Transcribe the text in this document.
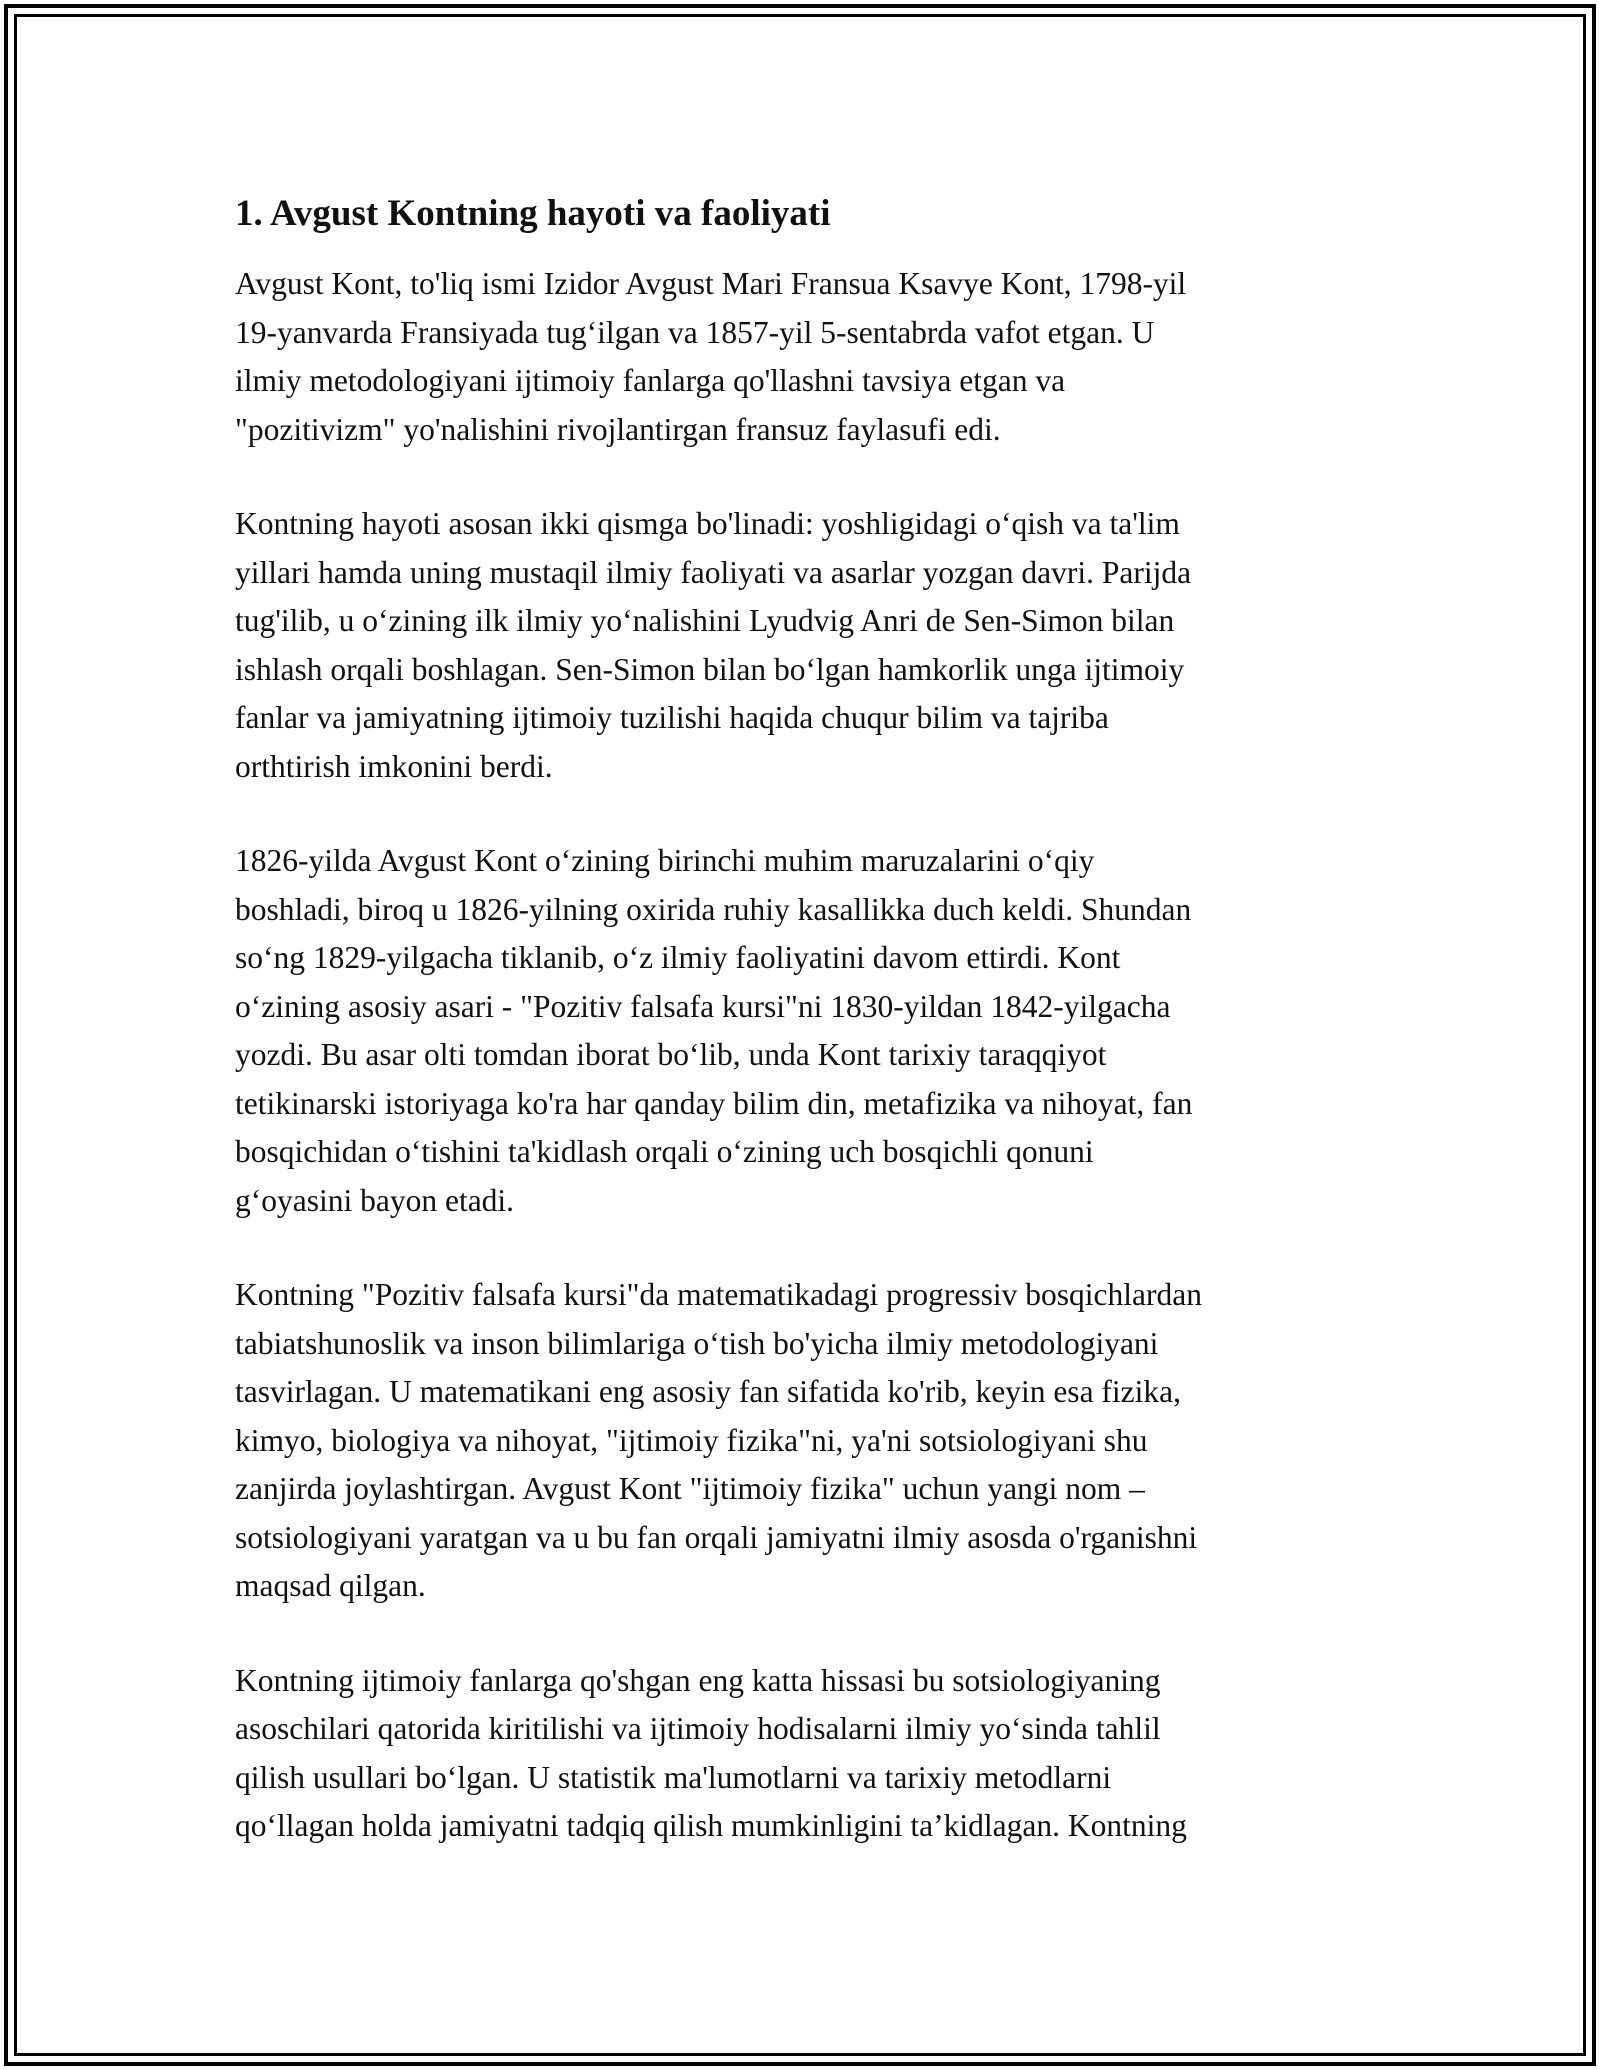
1. Avgust Kontning hayoti va faoliyati

Avgust Kont, to'liq ismi Izidor Avgust Mari Fransua Ksavye Kont, 1798-yil
19-yanvarda Fransiyada tug‘ilgan va 1857-yil 5-sentabrda vafot etgan. U
ilmiy metodologiyani ijtimoiy fanlarga qo'llashni tavsiya etgan va
"pozitivizm" yo'nalishini rivojlantirgan fransuz faylasufi edi.

Kontning hayoti asosan ikki qismga bo'linadi: yoshligidagi o‘qish va ta'lim
yillari hamda uning mustaqil ilmiy faoliyati va asarlar yozgan davri. Parijda
tug'ilib, u o‘zining ilk ilmiy yo‘nalishini Lyudvig Anri de Sen-Simon bilan
ishlash orqali boshlagan. Sen-Simon bilan bo‘lgan hamkorlik unga ijtimoiy
fanlar va jamiyatning ijtimoiy tuzilishi haqida chuqur bilim va tajriba
orthtirish imkonini berdi.

1826-yilda Avgust Kont o‘zining birinchi muhim maruzalarini o‘qiy
boshladi, biroq u 1826-yilning oxirida ruhiy kasallikka duch keldi. Shundan
so‘ng 1829-yilgacha tiklanib, o‘z ilmiy faoliyatini davom ettirdi. Kont
o‘zining asosiy asari - "Pozitiv falsafa kursi"ni 1830-yildan 1842-yilgacha
yozdi. Bu asar olti tomdan iborat bo‘lib, unda Kont tarixiy taraqqiyot
tetikinarski istoriyaga ko'ra har qanday bilim din, metafizika va nihoyat, fan
bosqichidan o‘tishini ta'kidlash orqali o‘zining uch bosqichli qonuni
g‘oyasini bayon etadi.

Kontning "Pozitiv falsafa kursi"da matematikadagi progressiv bosqichlardan
tabiatshunoslik va inson bilimlariga o‘tish bo'yicha ilmiy metodologiyani
tasvirlagan. U matematikani eng asosiy fan sifatida ko'rib, keyin esa fizika,
kimyo, biologiya va nihoyat, "ijtimoiy fizika"ni, ya'ni sotsiologiyani shu
zanjirda joylashtirgan. Avgust Kont "ijtimoiy fizika" uchun yangi nom –
sotsiologiyani yaratgan va u bu fan orqali jamiyatni ilmiy asosda o'rganishni
maqsad qilgan.

Kontning ijtimoiy fanlarga qo'shgan eng katta hissasi bu sotsiologiyaning
asoschilari qatorida kiritilishi va ijtimoiy hodisalarni ilmiy yo‘sinda tahlil
qilish usullari bo‘lgan. U statistik ma'lumotlarni va tarixiy metodlarni
qo‘llagan holda jamiyatni tadqiq qilish mumkinligini ta’kidlagan. Kontning
